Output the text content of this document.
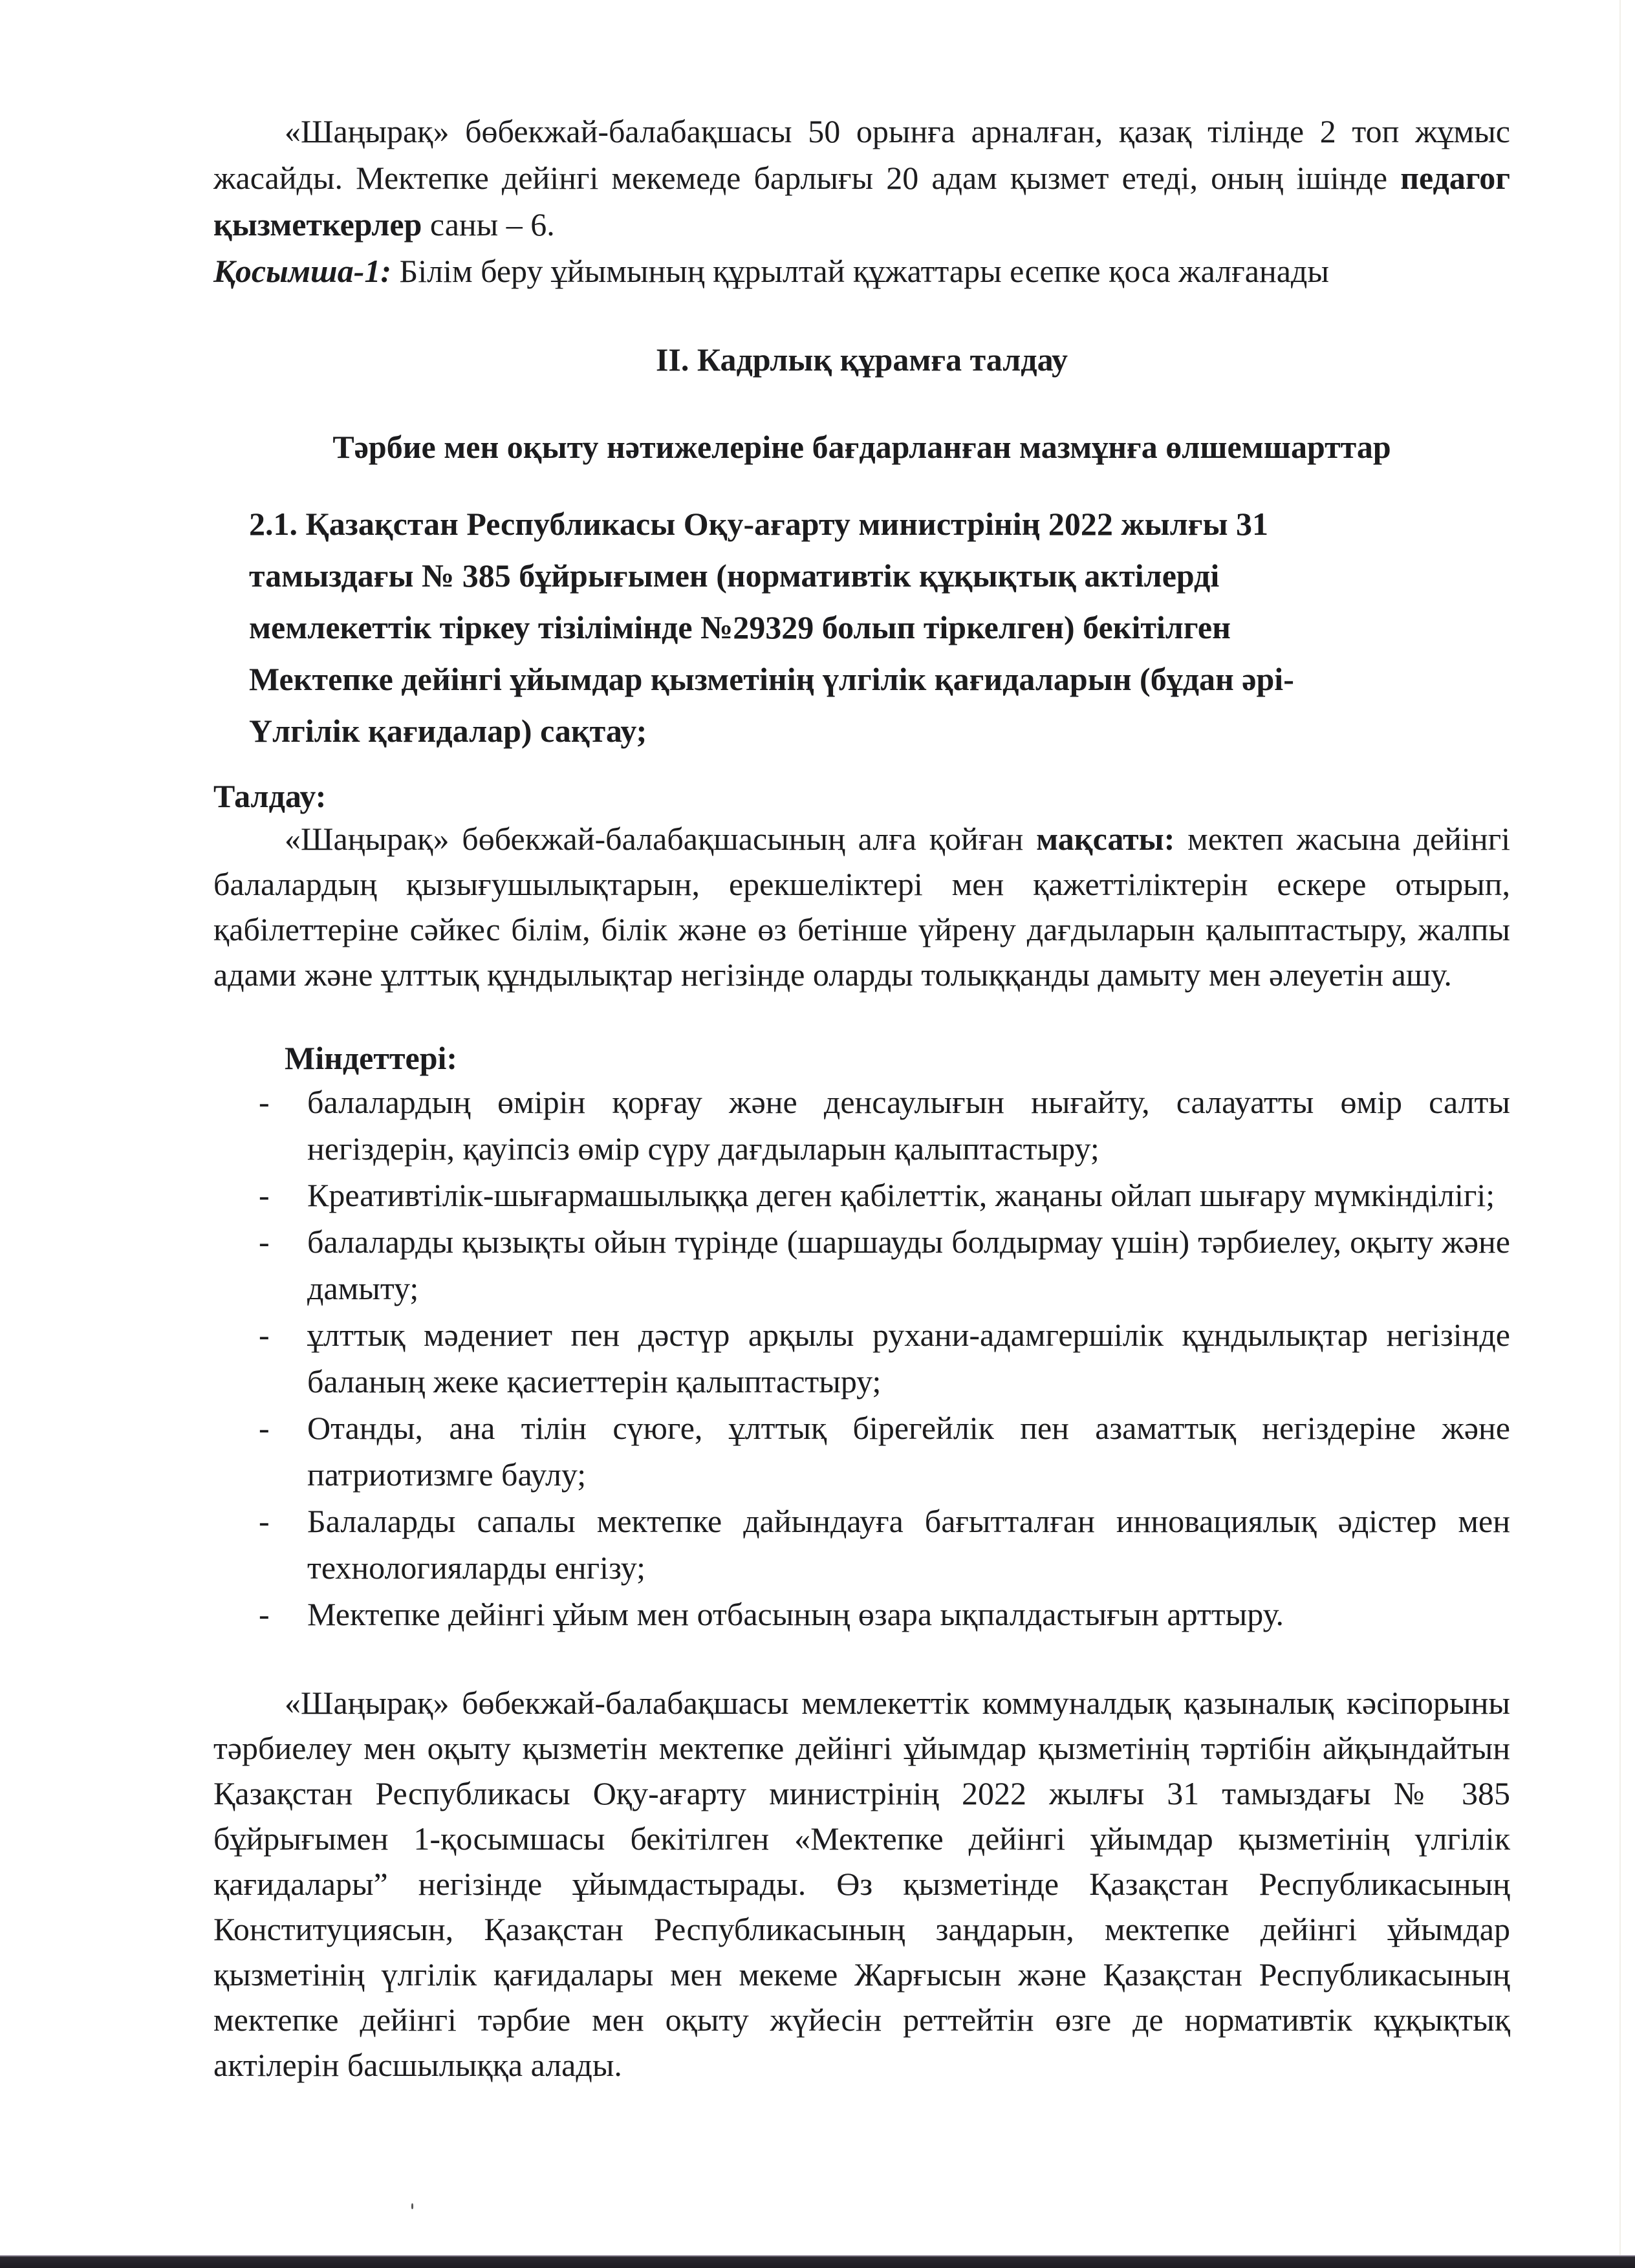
«Шаңырақ» бөбекжай-балабақшасы 50 орынға арналған, қазақ тілінде 2 топ жұмыс жасайды. Мектепке дейінгі мекемеде барлығы 20 адам қызмет етеді, оның ішінде педагог қызметкерлер саны – 6.

Қосымша-1: Білім беру ұйымының құрылтай құжаттары есепке қоса жалғанады

II. Кадрлық құрамға талдау
Тәрбие мен оқыту нәтижелеріне бағдарланған мазмұнға өлшемшарттар
2.1. Қазақстан Республикасы Оқу-ағарту министрінің 2022 жылғы 31
тамыздағы № 385 бұйрығымен (нормативтік құқықтық актілерді
мемлекеттік тіркеу тізілімінде №29329 болып тіркелген) бекітілген
Мектепке дейінгі ұйымдар қызметінің үлгілік қағидаларын (бұдан әрі-
Үлгілік қағидалар) сақтау;
Талдау:

«Шаңырақ» бөбекжай-балабақшасының алға қойған мақсаты: мектеп жасына дейінгі балалардың қызығушылықтарын, ерекшеліктері мен қажеттіліктерін ескере отырып, қабілеттеріне сәйкес білім, білік және өз бетінше үйрену дағдыларын қалыптастыру, жалпы адами және ұлттық құндылықтар негізінде оларды толыққанды дамыту мен әлеуетін ашу.

Міндеттері:
- балалардың өмірін қорғау және денсаулығын нығайту, салауатты өмір салты негіздерін, қауіпсіз өмір сүру дағдыларын қалыптастыру;
- Креативтілік-шығармашылыққа деген қабілеттік, жаңаны ойлап шығару мүмкінділігі;
- балаларды қызықты ойын түрінде (шаршауды болдырмау үшін) тәрбиелеу, оқыту және дамыту;
- ұлттық мәдениет пен дәстүр арқылы рухани-адамгершілік құндылықтар негізінде баланың жеке қасиеттерін қалыптастыру;
- Отанды, ана тілін сүюге, ұлттық бірегейлік пен азаматтық негіздеріне және патриотизмге баулу;
- Балаларды сапалы мектепке дайындауға бағытталған инновациялық әдістер мен технологияларды енгізу;
- Мектепке дейінгі ұйым мен отбасының өзара ықпалдастығын арттыру.

«Шаңырақ» бөбекжай-балабақшасы мемлекеттік коммуналдық қазыналық кәсіпорыны тәрбиелеу мен оқыту қызметін мектепке дейінгі ұйымдар қызметінің тәртібін айқындайтын Қазақстан Республикасы Оқу-ағарту министрінің 2022 жылғы 31 тамыздағы № 385 бұйрығымен 1-қосымшасы бекітілген «Мектепке дейінгі ұйымдар қызметінің үлгілік қағидалары” негізінде ұйымдастырады. Өз қызметінде Қазақстан Республикасының Конституциясын, Қазақстан Республикасының заңдарын, мектепке дейінгі ұйымдар қызметінің үлгілік қағидалары мен мекеме Жарғысын және Қазақстан Республикасының мектепке дейінгі тәрбие мен оқыту жүйесін реттейтін өзге де нормативтік құқықтық актілерін басшылыққа алады.
